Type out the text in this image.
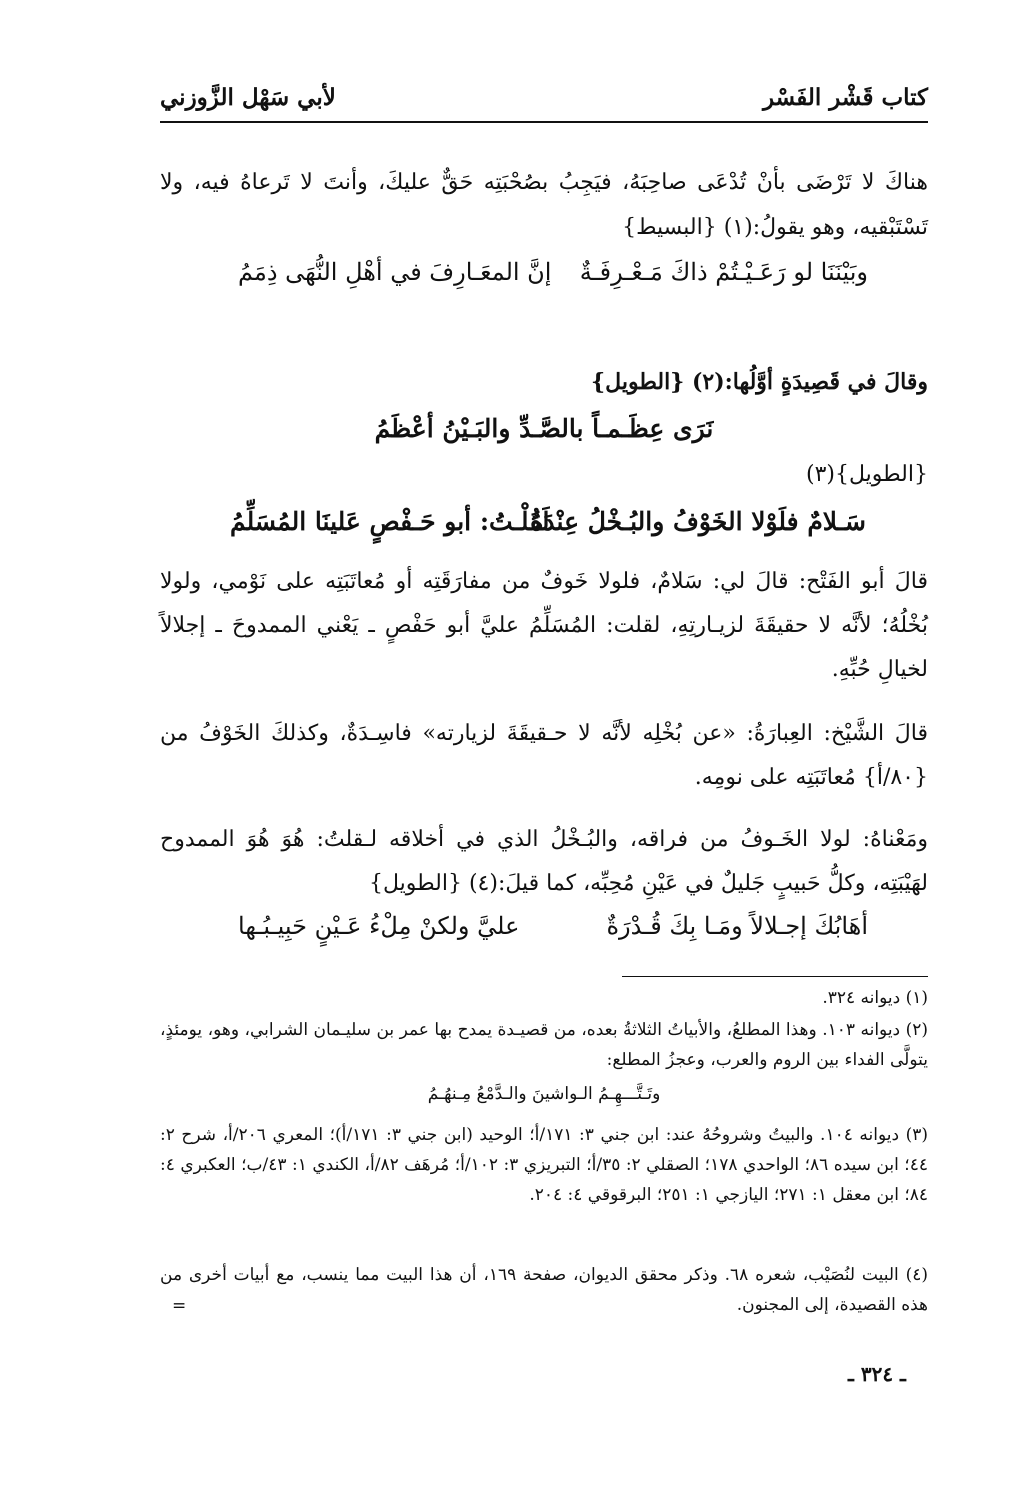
كتاب قَشْر الفَسْر
لأبي سَهْل الزَّوزني
هناكَ لا تَرْضَى بأنْ تُدْعَى صاحِبَهُ، فيَجِبُ بصُحْبَتِه حَقٌّ عليكَ، وأنتَ لا تَرعاهُ فيه، ولا
تَسْتَبْقيه، وهو يقولُ:(١) {البسيط}
وبَيْنَنَا لو رَعَـيْـتُمْ ذاكَ مَـعْـرِفَـةٌ
إنَّ المعَـارِفَ في أهْلِ النُّهَى ذِمَمُ
وقالَ في قَصِيدَةٍ أوَّلُها:(٢) {الطويل}
نَرَى عِظَـمـاً بالصَّـدِّ والبَـيْنُ أعْظَمُ
{الطويل}(٣)
سَـلامٌ فلَوْلا الخَوْفُ والبُـخْلُ عِنْدَهُ
لَقُلْـتُ: أبو حَـفْصٍ عَلينَا المُسَلِّمُ
قالَ أبو الفَتْح: قالَ لي: سَلامٌ، فلولا خَوفٌ من مفارَقَتِه أو مُعاتَبَتِه على نَوْمي، ولولا بُخْلُهُ؛ لأنَّه لا حقيقَةَ لزيـارتِهِ، لقلت: المُسَلِّمُ عليَّ أبو حَفْصٍ ـ يَعْني الممدوحَ ـ إجلالاً لخيالِ حُبِّهِ.
قالَ الشَّيْخ: العِبارَةُ: «عن بُخْلِه لأنَّه لا حـقيقَةَ لزيارته» فاسِـدَةٌ، وكذلكَ الخَوْفُ من {٨٠/أ} مُعاتَبَتِه على نومِه.
ومَعْناهُ: لولا الخَـوفُ من فراقه، والبُـخْلُ الذي في أخلاقه لـقلتُ: هُوَ هُوَ الممدوح لهَيْبَتِه، وكلُّ حَبيبٍ جَليلٌ في عَيْنِ مُحِبِّه، كما قيلَ:(٤) {الطويل}
أهَابُكَ إجـلالاً ومَـا بِكَ قُـدْرَةٌ
عليَّ ولكنْ مِلْءُ عَـيْنٍ حَبِيـبُـها
(١) ديوانه ٣٢٤.
(٢) ديوانه ١٠٣. وهذا المطلعُ، والأبياتُ الثلاثةُ بعده، من قصيـدة يمدح بها عمر بن سليـمان الشرابي، وهو، يومئذٍ، يتولَّى الفداء بين الروم والعرب، وعجزُ المطلع:
وتَـتَّـــهِـمُ الـواشينَ والـدَّمْعُ مِـنهُـمُ
(٣) ديوانه ١٠٤. والبيتُ وشروحُهُ عند: ابن جني ٣: ١٧١/أ؛ الوحيد (ابن جني ٣: ١٧١/أ)؛ المعري ٢٠٦/أ، شرح ٢: ٤٤؛ ابن سيده ٨٦؛ الواحدي ١٧٨؛ الصقلي ٢: ٣٥/أ؛ التبريزي ٣: ١٠٢/أ؛ مُرهَف ٨٢/أ، الكندي ١: ٤٣/ب؛ العكبري ٤: ٨٤؛ ابن معقل ١: ٢٧١؛ اليازجي ١: ٢٥١؛ البرقوقي ٤: ٢٠٤.
(٤) البيت لنُصَيْب، شعره ٦٨. وذكر محقق الديوان، صفحة ١٦٩، أن هذا البيت مما ينسب، مع أبيات أخرى من هذه القصيدة، إلى المجنون.
=
ـ ٣٢٤ ـ
